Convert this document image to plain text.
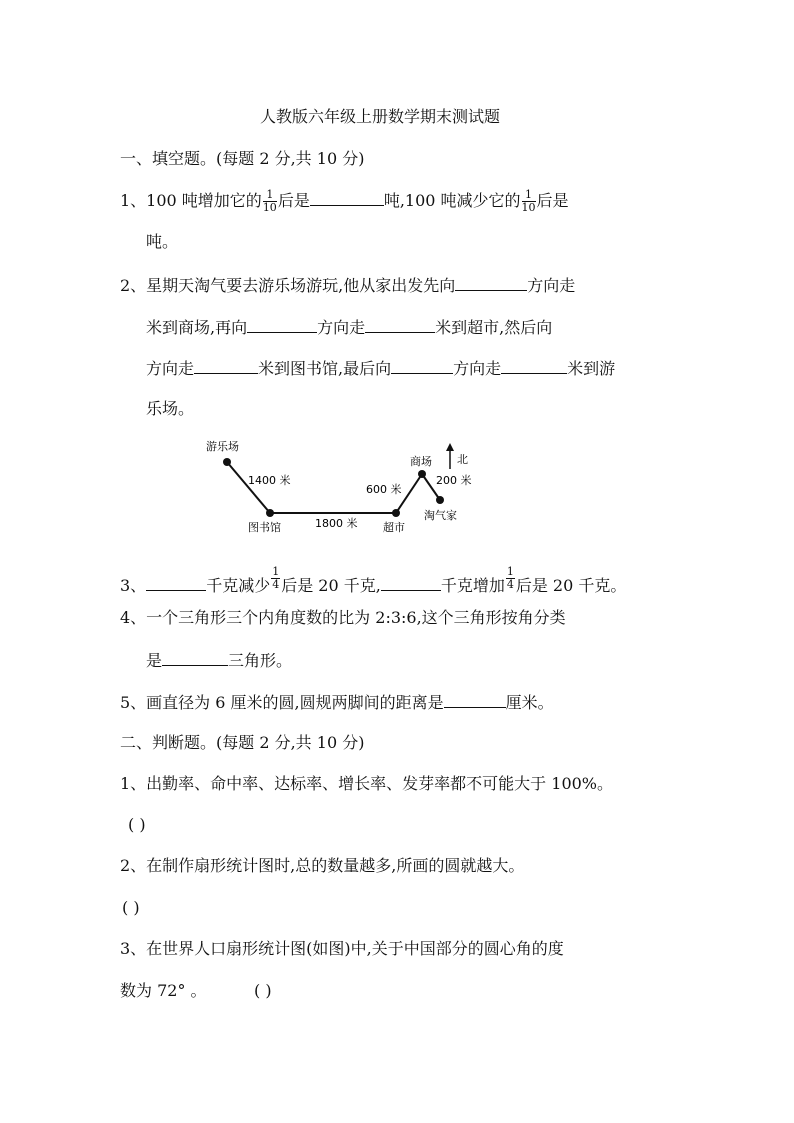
人教版六年级上册数学期末测试题
一、填空题。(每题 2 分,共 10 分)
1、100 吨增加它的 $\frac{1}{10}$ 后是	吨,100 吨减少它的 $\frac{1}{10}$ 后是
吨。
2、星期天淘气要去游乐场游玩,他从家出发先向	方向走
米到商场,再向	方向走	米到超市,然后向
方向走	米到图书馆,最后向	方向走	米到游
乐场。
游乐场
1400 米
图书馆	1800 米 超市
600 米
商场 北
200 米
淘气家
3、	千克减少 $\frac{1}{4}$ 后是 20 千克,	千克增加 $\frac{1}{4}$ 后是 20 千克。
4、一个三角形三个内角度数的比为 2:3:6,这个三角形按角分类
是	三角形。
5、画直径为 6 厘米的圆,圆规两脚间的距离是	厘米。
二、判断题。(每题 2 分,共 10 分)
1、出勤率、命中率、达标率、增长率、发芽率都不可能大于 100%。
( )
2、在制作扇形统计图时,总的数量越多,所画的圆就越大。
( )
3、在世界人口扇形统计图(如图)中,关于中国部分的圆心角的度
数为 72° 。	( )
